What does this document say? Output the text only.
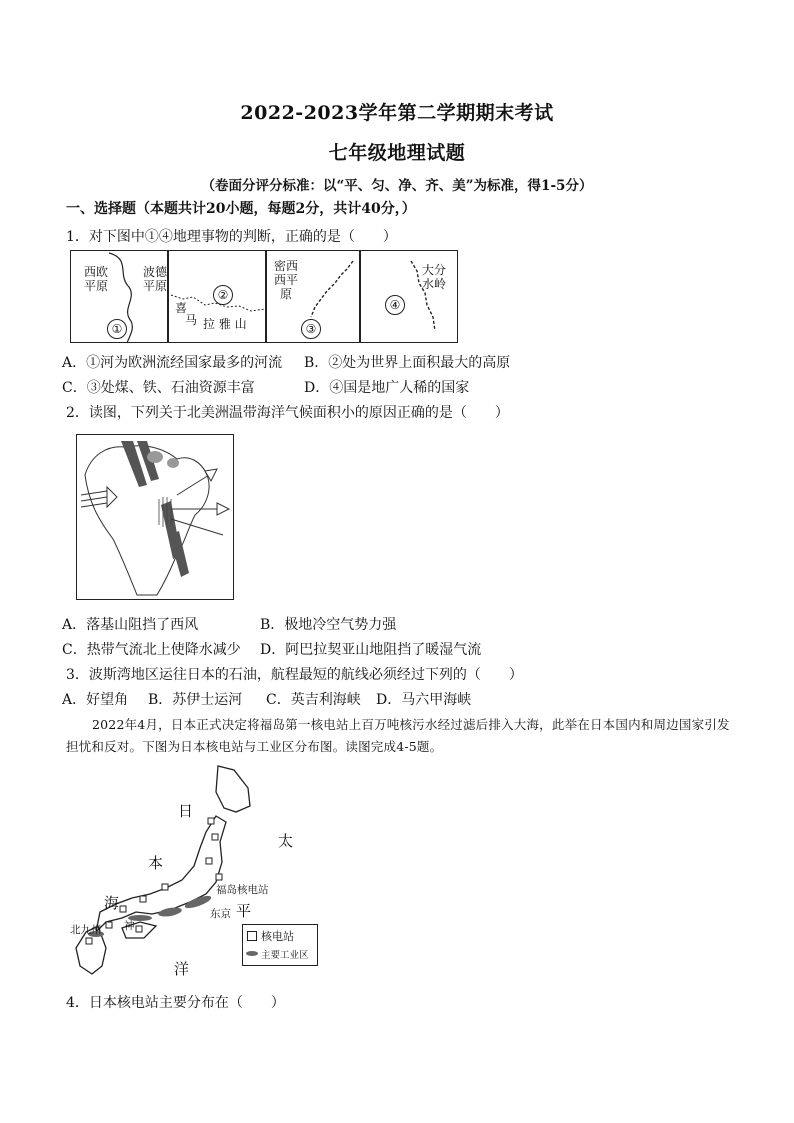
2022-2023学年第二学期期末考试
七年级地理试题
（卷面分评分标准：以“平、匀、净、齐、美”为标准，得1-5分）
一、选择题（本题共计20小题，每题2分，共计40分，）
1．对下图中①④地理事物的判断，正确的是（　　）
西欧平原
波德平原
①
②
喜
马 拉 雅 山
密西西平原
③
大分水岭
④
A．①河为欧洲流经国家最多的河流 B．②处为世界上面积最大的高原
C．③处煤、铁、石油资源丰富	D．④国是地广人稀的国家
2．读图，下列关于北美洲温带海洋气候面积小的原因正确的是（　　）
A．落基山阻挡了西风	B．极地冷空气势力强
C．热带气流北上使降水减少 D．阿巴拉契亚山地阻挡了暖湿气流
3．波斯湾地区运往日本的石油，航程最短的航线必须经过下列的（　　）
A．好望角 B．苏伊士运河 C．英吉利海峡 D．马六甲海峡
2022年4月，日本正式决定将福岛第一核电站上百万吨核污水经过滤后排入大海，此举在日本国内和周边国家引发担忧和反对。下图为日本核电站与工业区分布图。读图完成4-5题。
日
本
海
太
平
洋
福岛核电站
东京
北九州 神
核电站
主要工业区
4．日本核电站主要分布在（　　）
